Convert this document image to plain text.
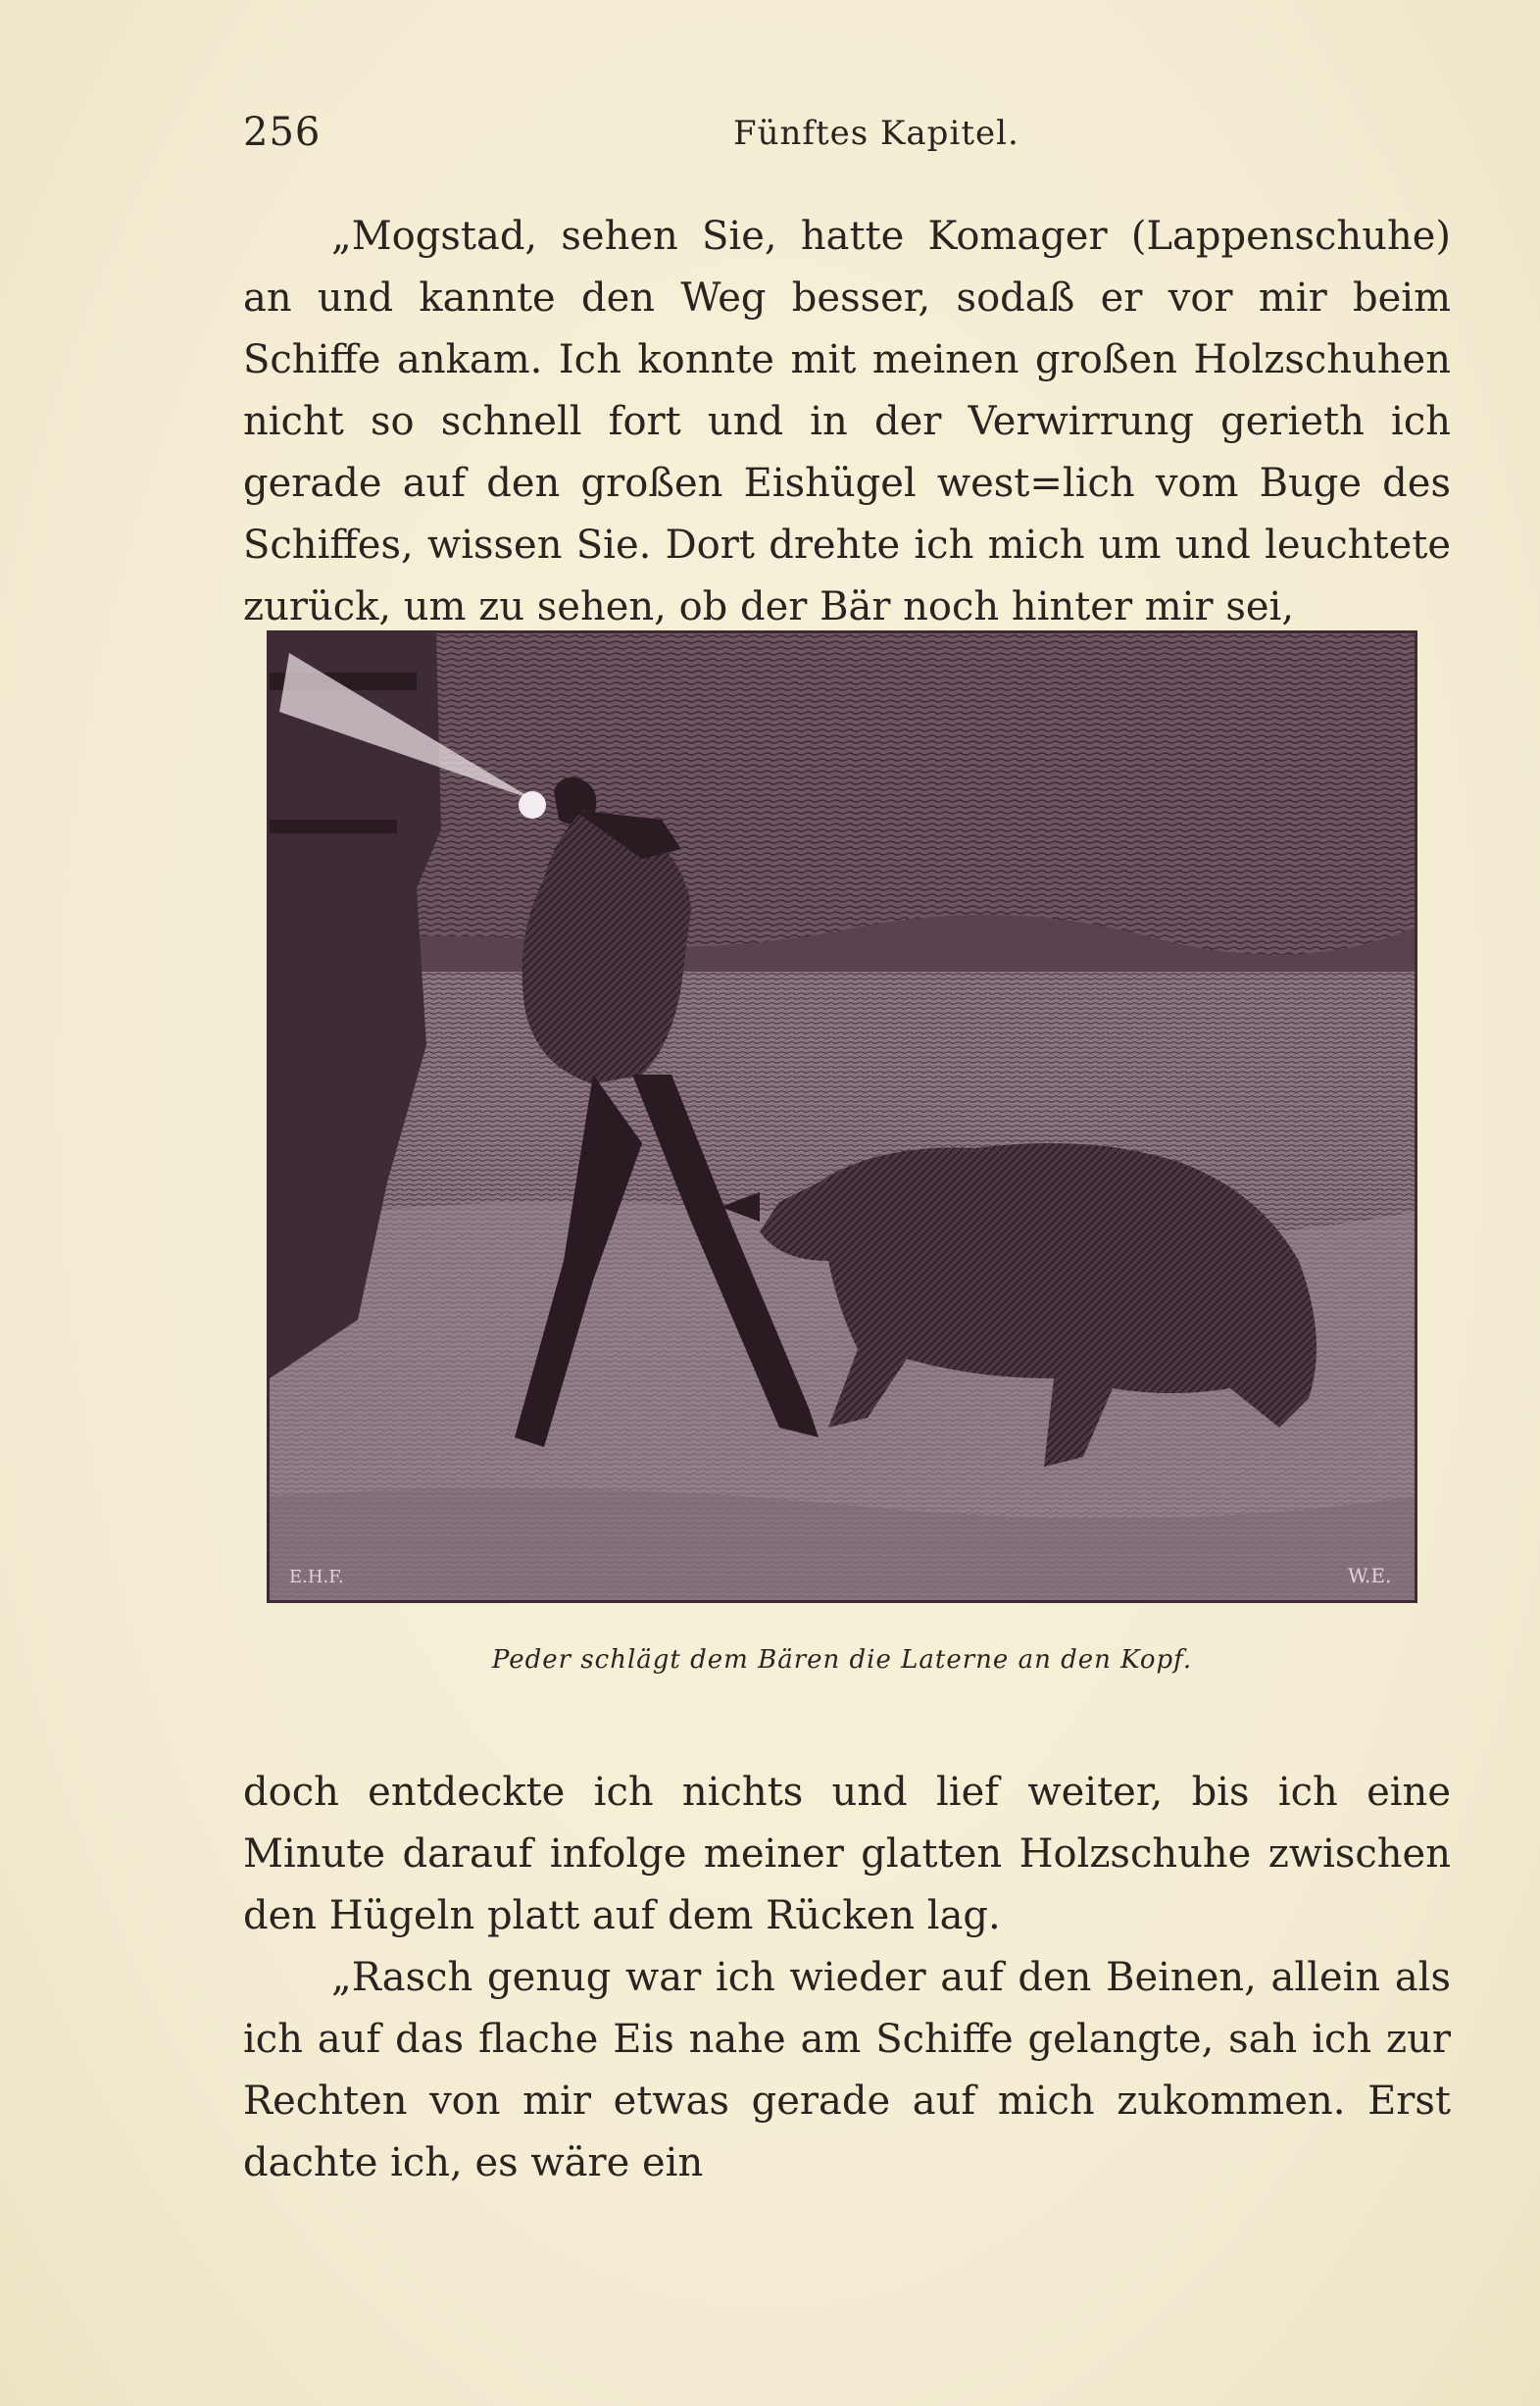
256	Fünftes Kapitel.

„Mogstad, sehen Sie, hatte Komager (Lappenschuhe) an und kannte den Weg besser, sodaß er vor mir beim Schiffe ankam. Ich konnte mit meinen großen Holzschuhen nicht so schnell fort und in der Verwirrung gerieth ich gerade auf den großen Eishügel west=lich vom Buge des Schiffes, wissen Sie. Dort drehte ich mich um und leuchtete zurück, um zu sehen, ob der Bär noch hinter mir sei,

E.H.F.	W.E.
Peder schlägt dem Bären die Laterne an den Kopf.

doch entdeckte ich nichts und lief weiter, bis ich eine Minute darauf infolge meiner glatten Holzschuhe zwischen den Hügeln platt auf dem Rücken lag.

„Rasch genug war ich wieder auf den Beinen, allein als ich auf das flache Eis nahe am Schiffe gelangte, sah ich zur Rechten von mir etwas gerade auf mich zukommen. Erst dachte ich, es wäre ein
